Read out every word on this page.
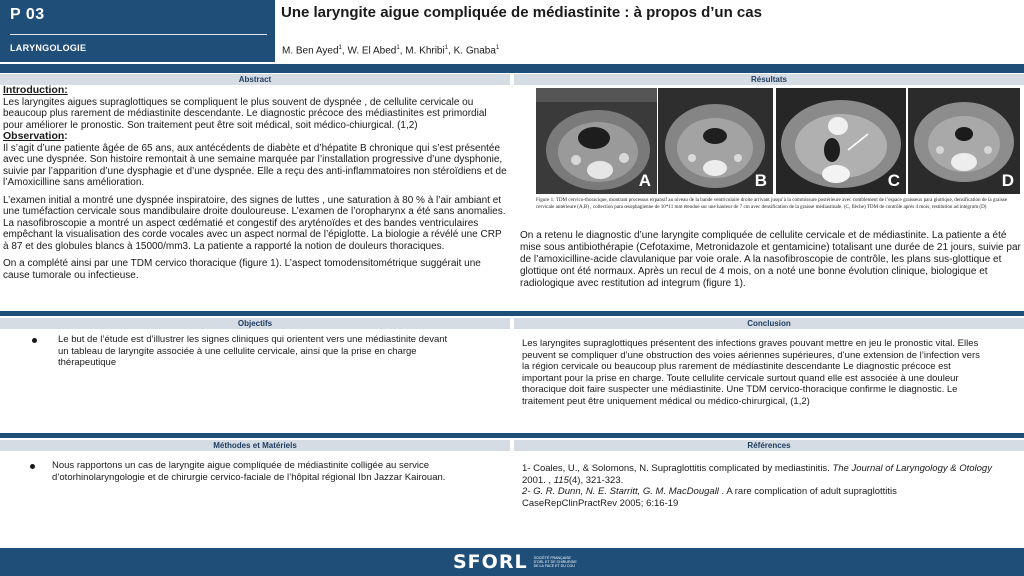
P 03
LARYNGOLOGIE
Une laryngite aigue compliquée de médiastinite : à propos d’un cas
M. Ben Ayed$^1$, W. El Abed$^1$, M. Khribi$^1$, K. Gnaba$^1$
Abstract	Résultats

Introduction:

Les laryngites aigues supraglottiques se compliquent le plus souvent de dyspnée , de cellulite cervicale ou beaucoup plus rarement de médiastinite descendante. Le diagnostic précoce des médiastinites est primordial pour améliorer le pronostic. Son traitement peut être soit médical, soit médico-chiurgical. (1,2)

Observation:

Il s’agit d’une patiente âgée de 65 ans, aux antécédents de diabète et d’hépatite B chronique qui s’est présentée avec une dyspnée. Son histoire remontait à une semaine marquée par l’installation progressive d’une dysphonie, suivie par l’apparition d’une dysphagie et d’une dyspnée. Elle a reçu des anti-inflammatoires non stéroïdiens et de l’Amoxicilline sans amélioration.

L’examen initial a montré une dyspnée inspiratoire, des signes de luttes , une saturation à 80 % à l’air ambiant et une tuméfaction cervicale sous mandibulaire droite douloureuse. L’examen de l’oropharynx a été sans anomalies. La nasofibroscopie a montré un aspect œdématié et congestif des aryténoïdes et des bandes ventriculaires empêchant la visualisation des corde vocales avec un aspect normal de l’épiglotte. La biologie a révélé une CRP à 87 et des globules blancs à 15000/mm3. La patiente a rapporté la notion de douleurs thoraciques.

On a complété ainsi par une TDM cervico thoracique (figure 1). L’aspect tomodensitométrique suggérait une cause tumorale ou infectieuse.

A	B	C	D
Figure 1: TDM cervico-thoracique, montrant processus expansif au niveau de la bande ventriculaire droite arrivant jusqu’à la commissure postérieure avec comblement de l’espace graisseux para glottique, densification de la graisse cervicale antérieure (A,B) , collection para œsophagienne de 10*11 mm étendue sur une hauteur de 7 cm avec densification de la graisse médiastinale. (C, flèche) TDM de contrôle après 4 mois, restitution ad integrum (D)
On a retenu le diagnostic d’une laryngite compliquée de cellulite cervicale et de médiastinite. La patiente a été mise sous antibiothérapie (Cefotaxime, Metronidazole et gentamicine) totalisant une durée de 21 jours, suivie par de l’amoxicilline-acide clavulanique par voie orale. A la nasofibroscopie de contrôle, les plans sus-glottique et glottique ont été normaux. Après un recul de 4 mois, on a noté une bonne évolution clinique, biologique et radiologique avec restitution ad integrum (figure 1).
Objectifs	Conclusion
Le but de l’étude est d’illustrer les signes cliniques qui orientent vers une médiastinite devant un tableau de laryngite associée à une cellulite cervicale, ainsi que la prise en charge thérapeutique
Les laryngites supraglottiques présentent des infections graves pouvant mettre en jeu le pronostic vital. Elles peuvent se compliquer d’une obstruction des voies aériennes supérieures, d’une extension de l’infection vers la région cervicale ou beaucoup plus rarement de médiastinite descendante Le diagnostic précoce est important pour la prise en charge. Toute cellulite cervicale surtout quand elle est associée à une douleur thoracique doit faire suspecter une médiastinite. Une TDM cervico-thoracique confirme le diagnostic. Le traitement peut être uniquement médical ou médico-chirurgical, (1,2)
Méthodes et Matériels	Références
Nous rapportons un cas de laryngite aigue compliquée de médiastinite colligée au service d’otorhinolaryngologie et de chirurgie cervico-faciale de l’hôpital régional Ibn Jazzar Kairouan.
1- Coales, U., & Solomons, N. Supraglottitis complicated by mediastinitis. The Journal of Laryngology & Otology 2001. , 115(4), 321-323.
2- G. R. Dunn, N. E. Starritt, G. M. MacDougall . A rare complication of adult supraglottitis
CaseRepClinPractRev 2005; 6:16-19
SFORL SOCIÉTÉ FRANÇAISE D'ORL ET DE CHIRURGIE DE LA FACE ET DU COU
